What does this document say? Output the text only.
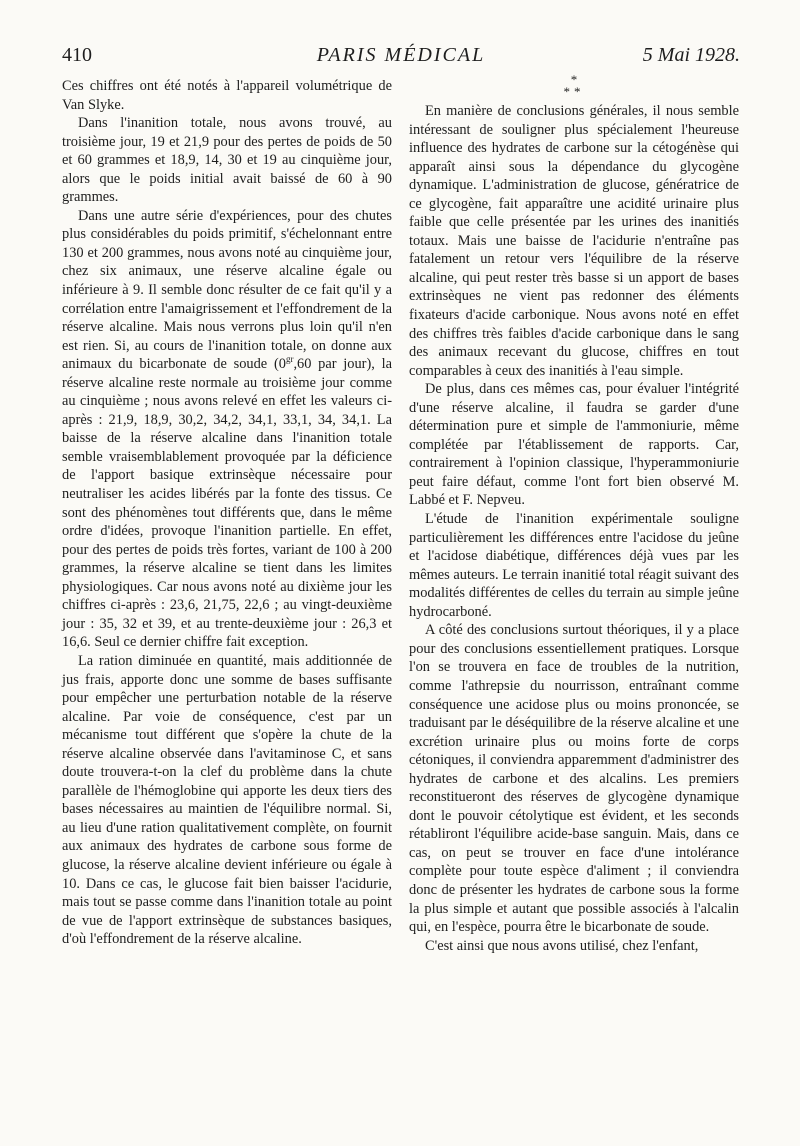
410	PARIS MÉDICAL	5 Mai 1928.

Ces chiffres ont été notés à l'appareil volumétrique de Van Slyke.

Dans l'inanition totale, nous avons trouvé, au troisième jour, 19 et 21,9 pour des pertes de poids de 50 et 60 grammes et 18,9, 14, 30 et 19 au cinquième jour, alors que le poids initial avait baissé de 60 à 90 grammes.

Dans une autre série d'expériences, pour des chutes plus considérables du poids primitif, s'échelonnant entre 130 et 200 grammes, nous avons noté au cinquième jour, chez six animaux, une réserve alcaline égale ou inférieure à 9. Il semble donc résulter de ce fait qu'il y a corrélation entre l'amaigrissement et l'effondrement de la réserve alcaline. Mais nous verrons plus loin qu'il n'en est rien. Si, au cours de l'inanition totale, on donne aux animaux du bicarbonate de soude ($0^{gr},60$ par jour), la réserve alcaline reste normale au troisième jour comme au cinquième ; nous avons relevé en effet les valeurs ci-après : 21,9, 18,9, 30,2, 34,2, 34,1, 33,1, 34, 34,1. La baisse de la réserve alcaline dans l'inanition totale semble vraisemblablement provoquée par la déficience de l'apport basique extrinsèque nécessaire pour neutraliser les acides libérés par la fonte des tissus. Ce sont des phénomènes tout différents que, dans le même ordre d'idées, provoque l'inanition partielle. En effet, pour des pertes de poids très fortes, variant de 100 à 200 grammes, la réserve alcaline se tient dans les limites physiologiques. Car nous avons noté au dixième jour les chiffres ci-après : 23,6, 21,75, 22,6 ; au vingt-deuxième jour : 35, 32 et 39, et au trente-deuxième jour : 26,3 et 16,6. Seul ce dernier chiffre fait exception.

La ration diminuée en quantité, mais additionnée de jus frais, apporte donc une somme de bases suffisante pour empêcher une perturbation notable de la réserve alcaline. Par voie de conséquence, c'est par un mécanisme tout différent que s'opère la chute de la réserve alcaline observée dans l'avitaminose C, et sans doute trouvera-t-on la clef du problème dans la chute parallèle de l'hémoglobine qui apporte les deux tiers des bases nécessaires au maintien de l'équilibre normal. Si, au lieu d'une ration qualitativement complète, on fournit aux animaux des hydrates de carbone sous forme de glucose, la réserve alcaline devient inférieure ou égale à 10. Dans ce cas, le glucose fait bien baisser l'acidurie, mais tout se passe comme dans l'inanition totale au point de vue de l'apport extrinsèque de substances basiques, d'où l'effondrement de la réserve alcaline.

*
**

En manière de conclusions générales, il nous semble intéressant de souligner plus spécialement l'heureuse influence des hydrates de carbone sur la cétogénèse qui apparaît ainsi sous la dépendance du glycogène dynamique. L'administration de glucose, génératrice de ce glycogène, fait apparaître une acidité urinaire plus faible que celle présentée par les urines des inanitiés totaux. Mais une baisse de l'acidurie n'entraîne pas fatalement un retour vers l'équilibre de la réserve alcaline, qui peut rester très basse si un apport de bases extrinsèques ne vient pas redonner des éléments fixateurs d'acide carbonique. Nous avons noté en effet des chiffres très faibles d'acide carbonique dans le sang des animaux recevant du glucose, chiffres en tout comparables à ceux des inanitiés à l'eau simple.

De plus, dans ces mêmes cas, pour évaluer l'intégrité d'une réserve alcaline, il faudra se garder d'une détermination pure et simple de l'ammoniurie, même complétée par l'établissement de rapports. Car, contrairement à l'opinion classique, l'hyperammoniurie peut faire défaut, comme l'ont fort bien observé M. Labbé et F. Nepveu.

L'étude de l'inanition expérimentale souligne particulièrement les différences entre l'acidose du jeûne et l'acidose diabétique, différences déjà vues par les mêmes auteurs. Le terrain inanitié total réagit suivant des modalités différentes de celles du terrain au simple jeûne hydrocarboné.

A côté des conclusions surtout théoriques, il y a place pour des conclusions essentiellement pratiques. Lorsque l'on se trouvera en face de troubles de la nutrition, comme l'athrepsie du nourrisson, entraînant comme conséquence une acidose plus ou moins prononcée, se traduisant par le déséquilibre de la réserve alcaline et une excrétion urinaire plus ou moins forte de corps cétoniques, il conviendra apparemment d'administrer des hydrates de carbone et des alcalins. Les premiers reconstitueront des réserves de glycogène dynamique dont le pouvoir cétolytique est évident, et les seconds rétabliront l'équilibre acide-base sanguin. Mais, dans ce cas, on peut se trouver en face d'une intolérance complète pour toute espèce d'aliment ; il conviendra donc de présenter les hydrates de carbone sous la forme la plus simple et autant que possible associés à l'alcalin qui, en l'espèce, pourra être le bicarbonate de soude.

C'est ainsi que nous avons utilisé, chez l'enfant,
